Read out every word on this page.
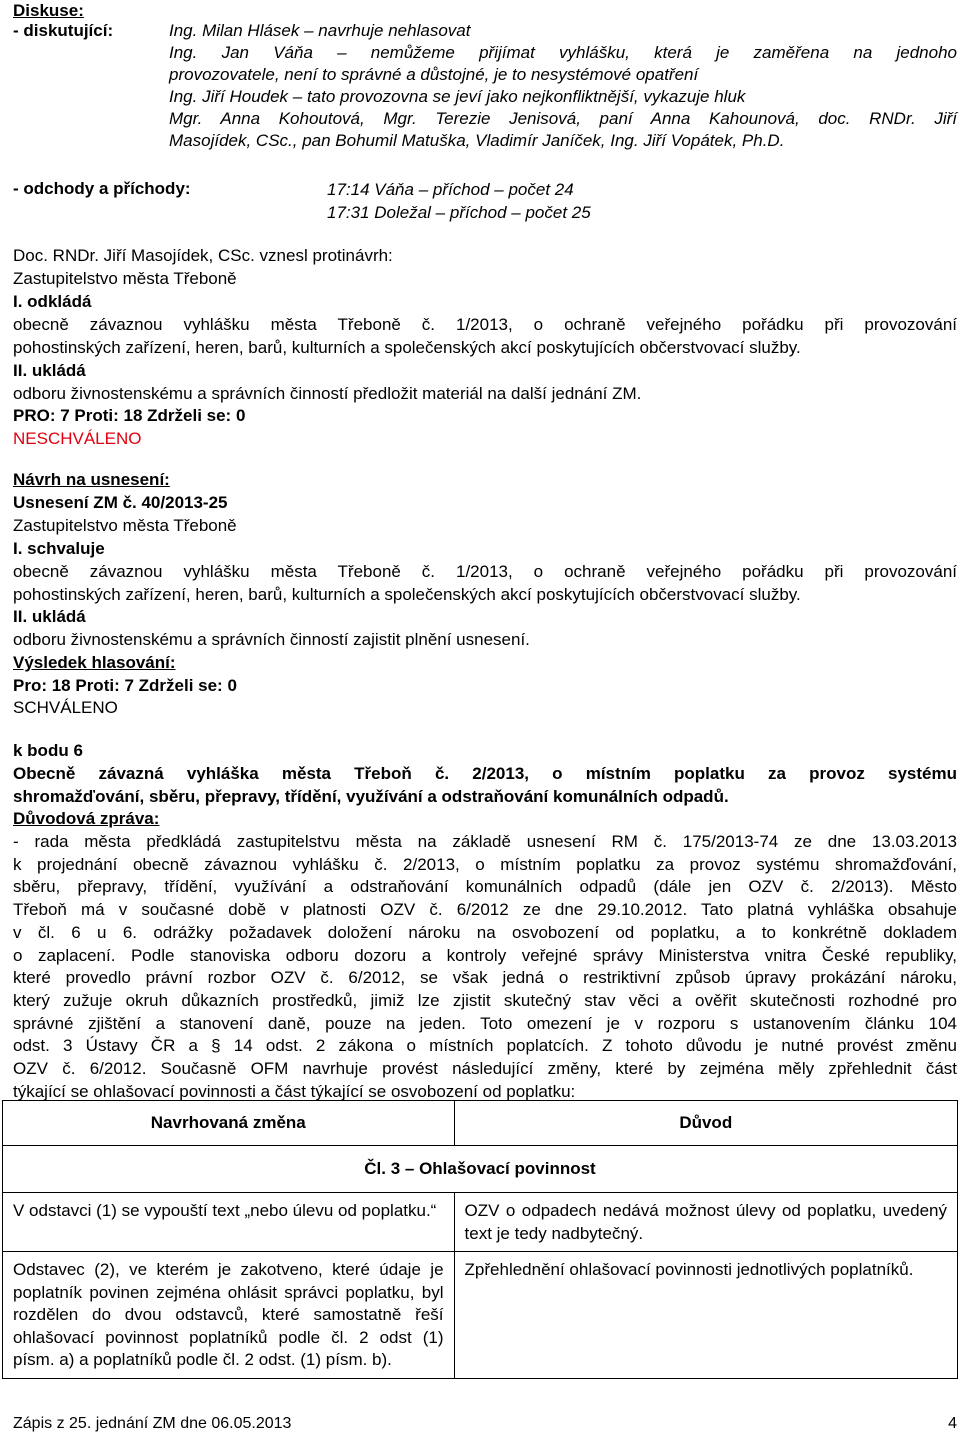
Diskuse:
- diskutující:	Ing. Milan Hlásek – navrhuje nehlasovat
Ing. Jan Váňa – nemůžeme přijímat vyhlášku, která je zaměřena na jednoho
provozovatele, není to správné a důstojné, je to nesystémové opatření
Ing. Jiří Houdek – tato provozovna se jeví jako nejkonfliktnější, vykazuje hluk
Mgr. Anna Kohoutová, Mgr. Terezie Jenisová, paní Anna Kahounová, doc. RNDr. Jiří
Masojídek, CSc., pan Bohumil Matuška, Vladimír Janíček, Ing. Jiří Vopátek, Ph.D.
- odchody a příchody:	17:14 Váňa – příchod – počet 24
17:31 Doležal – příchod – počet 25
Doc. RNDr. Jiří Masojídek, CSc. vznesl protinávrh:
Zastupitelstvo města Třeboně
I. odkládá
obecně závaznou vyhlášku města Třeboně č. 1/2013, o ochraně veřejného pořádku při provozování
pohostinských zařízení, heren, barů, kulturních a společenských akcí poskytujících občerstvovací služby.
II. ukládá
odboru živnostenskému a správních činností předložit materiál na další jednání ZM.
PRO: 7 Proti: 18 Zdrželi se: 0
NESCHVÁLENO
Návrh na usnesení:
Usnesení ZM č. 40/2013-25
Zastupitelstvo města Třeboně
I. schvaluje
obecně závaznou vyhlášku města Třeboně č. 1/2013, o ochraně veřejného pořádku při provozování
pohostinských zařízení, heren, barů, kulturních a společenských akcí poskytujících občerstvovací služby.
II. ukládá
odboru živnostenskému a správních činností zajistit plnění usnesení.
Výsledek hlasování:
Pro: 18 Proti: 7 Zdrželi se: 0
SCHVÁLENO
k bodu 6
Obecně závazná vyhláška města Třeboň č. 2/2013, o místním poplatku za provoz systému
shromažďování, sběru, přepravy, třídění, využívání a odstraňování komunálních odpadů.
Důvodová zpráva:
- rada města předkládá zastupitelstvu města na základě usnesení RM č. 175/2013-74 ze dne 13.03.2013
k projednání obecně závaznou vyhlášku č. 2/2013, o místním poplatku za provoz systému shromažďování,
sběru, přepravy, třídění, využívání a odstraňování komunálních odpadů (dále jen OZV č. 2/2013). Město
Třeboň má v současné době v platnosti OZV č. 6/2012 ze dne 29.10.2012. Tato platná vyhláška obsahuje
v čl. 6 u 6. odrážky požadavek doložení nároku na osvobození od poplatku, a to konkrétně dokladem
o zaplacení. Podle stanoviska odboru dozoru a kontroly veřejné správy Ministerstva vnitra České republiky,
které provedlo právní rozbor OZV č. 6/2012, se však jedná o restriktivní způsob úpravy prokázání nároku,
který zužuje okruh důkazních prostředků, jimiž lze zjistit skutečný stav věci a ověřit skutečnosti rozhodné pro
správné zjištění a stanovení daně, pouze na jeden. Toto omezení je v rozporu s ustanovením článku 104
odst. 3 Ústavy ČR a § 14 odst. 2 zákona o místních poplatcích. Z tohoto důvodu je nutné provést změnu
OZV č. 6/2012. Současně OFM navrhuje provést následující změny, které by zejména měly zpřehlednit část
týkající se ohlašovací povinnosti a část týkající se osvobození od poplatku:
Navrhovaná změna	Důvod
Čl. 3 – Ohlašovací povinnost	
V odstavci (1) se vypouští text „nebo úlevu od poplatku.“	OZV o odpadech nedává možnost úlevy od poplatku, uvedený text je tedy nadbytečný.
Odstavec (2), ve kterém je zakotveno, které údaje je poplatník povinen zejména ohlásit správci poplatku, byl rozdělen do dvou odstavců, které samostatně řeší ohlašovací povinnost poplatníků podle čl. 2 odst (1) písm. a) a poplatníků podle čl. 2 odst. (1) písm. b).	Zpřehlednění ohlašovací povinnosti jednotlivých poplatníků.
Zápis z 25. jednání ZM dne 06.05.2013	4
